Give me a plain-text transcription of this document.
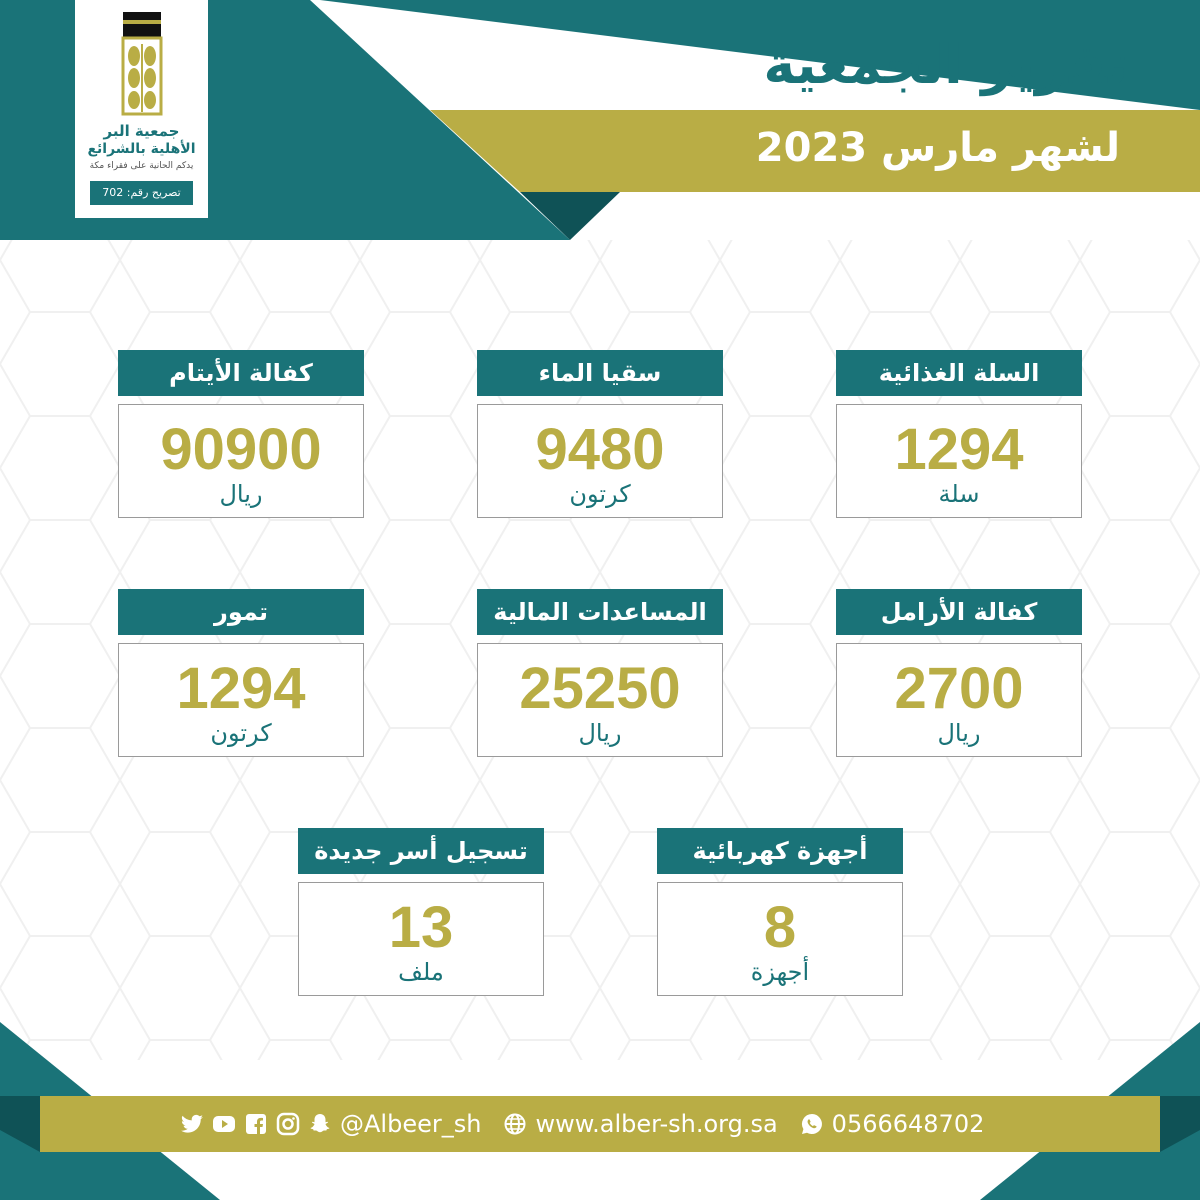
تقرير الجمعية
لشهر مارس 2023
جمعية البر
الأهلية بالشرائع
يدكم الحانية على فقراء مكة
تصريح رقم: 702
السلة الغذائية
1294
سلة
سقيا الماء
9480
كرتون
كفالة الأيتام
90900
ريال
كفالة الأرامل
2700
ريال
المساعدات المالية
25250
ريال
تمور
1294
كرتون
أجهزة كهربائية
8
أجهزة
تسجيل أسر جديدة
13
ملف
@Albeer_sh www.alber-sh.org.sa 0566648702
